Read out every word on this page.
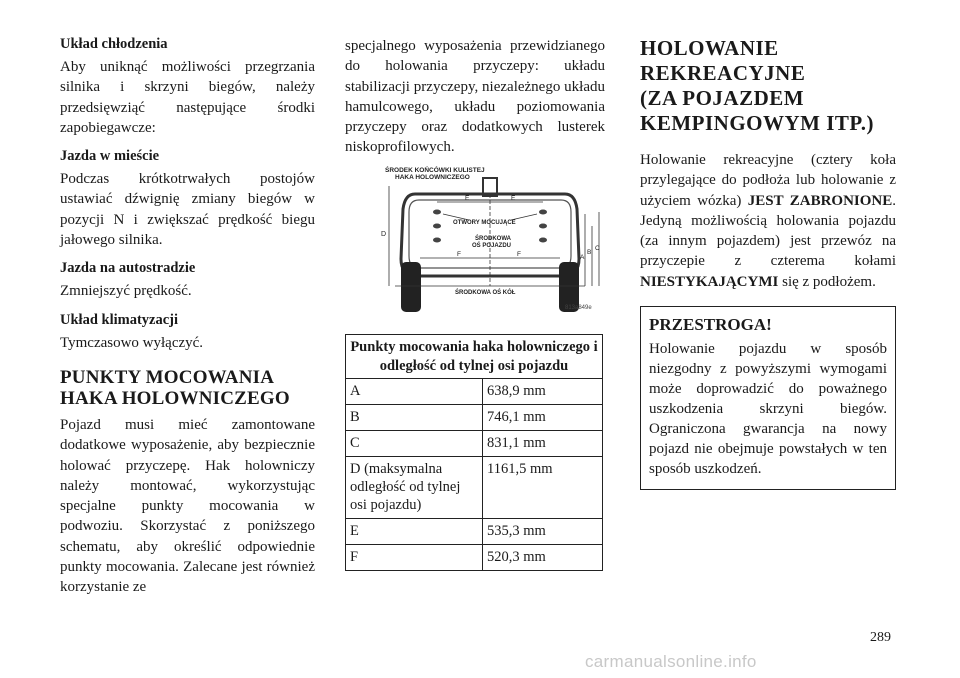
Układ chłodzenia

Aby uniknąć możliwości przegrzania silnika i skrzyni biegów, należy przedsięwziąć następujące środki zapobiegawcze:

Jazda w mieście

Podczas krótkotrwałych postojów ustawiać dźwignię zmiany biegów w pozycji N i zwiększać prędkość biegu jałowego silnika.

Jazda na autostradzie

Zmniejszyć prędkość.

Układ klimatyzacji

Tymczasowo wyłączyć.

PUNKTY MOCOWANIA
HAKA HOLOWNICZEGO

Pojazd musi mieć zamontowane dodatkowe wyposażenie, aby bezpiecznie holować przyczepę. Hak holowniczy należy montować, wykorzystując specjalne punkty mocowania w podwoziu. Skorzystać z poniższego schematu, aby określić odpowiednie punkty mocowania. Zalecane jest również korzystanie ze

specjalnego wyposażenia przewidzianego do holowania przyczepy: układu stabilizacji przyczepy, niezależnego układu hamulcowego, układu poziomowania przyczepy oraz dodatkowych lusterek niskoprofilowych.

ŚRODEK KOŃCÓWKI KULISTEJ
HAKA HOLOWNICZEGO
OTWORY MOCUJĄCE
ŚRODKOWA
OŚ POJAZDU
ŚRODKOWA OŚ KÓŁ
D
E	E
F	F	A
B
C
813a849e
Punkty mocowania haka holowniczego i odległość od tylnej osi pojazdu	
A	638,9 mm
B	746,1 mm
C	831,1 mm
D (maksymalna odległość od tylnej osi pojazdu)	1161,5 mm
E	535,3 mm
F	520,3 mm
HOLOWANIE
REKREACYJNE
(ZA POJAZDEM
KEMPINGOWYM ITP.)

Holowanie rekreacyjne (cztery koła przylegające do podłoża lub holowanie z użyciem wózka) JEST ZABRONIONE. Jedyną możliwością holowania pojazdu (za innym pojazdem) jest przewóz na przyczepie z czterema kołami NIESTYKAJĄCYMI się z podłożem.

PRZESTROGA!

Holowanie pojazdu w sposób niezgodny z powyższymi wymogami może doprowadzić do poważnego uszkodzenia skrzyni biegów. Ograniczona gwarancja na nowy pojazd nie obejmuje powstałych w ten sposób uszkodzeń.

289
carmanualsonline.info
